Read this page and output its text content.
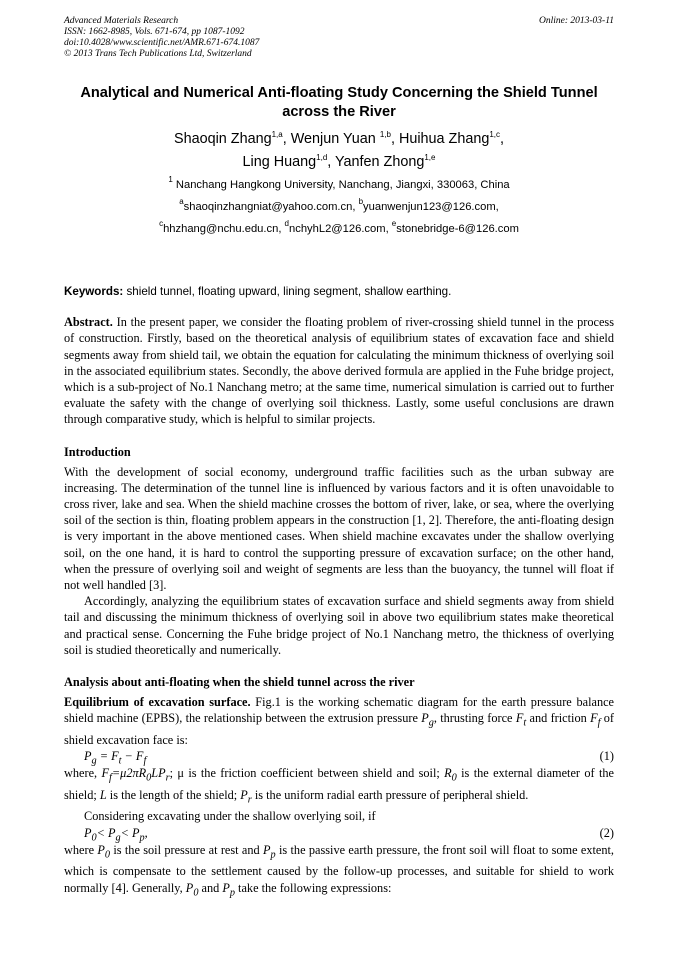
Advanced Materials Research
ISSN: 1662-8985, Vols. 671-674, pp 1087-1092
doi:10.4028/www.scientific.net/AMR.671-674.1087
© 2013 Trans Tech Publications Ltd, Switzerland
Online: 2013-03-11
Analytical and Numerical Anti-floating Study Concerning the Shield Tunnel across the River
Shaoqin Zhang$^{1,a}$, Wenjun Yuan $^{1,b}$, Huihua Zhang$^{1,c}$,
Ling Huang$^{1,d}$, Yanfen Zhong$^{1,e}$
$^1$ Nanchang Hangkong University, Nanchang, Jiangxi, 330063, China
$^a$shaoqinzhangniat@yahoo.com.cn, $^b$yuanwenjun123@126.com,
$^c$hhzhang@nchu.edu.cn, $^d$nchyhL2@126.com, $^e$stonebridge-6@126.com

Keywords: shield tunnel, floating upward, lining segment, shallow earthing.

Abstract. In the present paper, we consider the floating problem of river-crossing shield tunnel in the process of construction. Firstly, based on the theoretical analysis of equilibrium states of excavation face and shield segments away from shield tail, we obtain the equation for calculating the minimum thickness of overlying soil in the associated equilibrium states. Secondly, the above derived formula are applied in the Fuhe bridge project, which is a sub-project of No.1 Nanchang metro; at the same time, numerical simulation is carried out to further evaluate the safety with the change of overlying soil thickness. Lastly, some useful conclusions are drawn through comparative study, which is helpful to similar projects.

Introduction

With the development of social economy, underground traffic facilities such as the urban subway are increasing. The determination of the tunnel line is influenced by various factors and it is often unavoidable to cross river, lake and sea. When the shield machine crosses the bottom of river, lake, or sea, where the overlying soil of the section is thin, floating problem appears in the construction [1, 2]. Therefore, the anti-floating design is very important in the above mentioned cases. When shield machine excavates under the shallow overlying soil, on the one hand, it is hard to control the supporting pressure of excavation surface; on the other hand, when the pressure of overlying soil and weight of segments are less than the buoyancy, the tunnel will float if not well handled [3].

Accordingly, analyzing the equilibrium states of excavation surface and shield segments away from shield tail and discussing the minimum thickness of overlying soil in above two equilibrium states make theoretical and practical sense. Concerning the Fuhe bridge project of No.1 Nanchang metro, the thickness of overlying soil is studied theoretically and numerically.

Analysis about anti-floating when the shield tunnel across the river

Equilibrium of excavation surface. Fig.1 is the working schematic diagram for the earth pressure balance shield machine (EPBS), the relationship between the extrusion pressure $P_g$, thrusting force $F_t$ and friction $F_f$ of shield excavation face is:

$P_g = F_t - F_f$	(1)

where, $F_f=\mu 2\pi R_0LP_r$; μ is the friction coefficient between shield and soil; $R_0$ is the external diameter of the shield; L is the length of the shield; $P_r$ is the uniform radial earth pressure of peripheral shield.

Considering excavating under the shallow overlying soil, if

$P_0< P_g< P_p$,	(2)

where $P_0$ is the soil pressure at rest and $P_p$ is the passive earth pressure, the front soil will float to some extent, which is compensate to the settlement caused by the follow-up processes, and suitable for shield to work normally [4]. Generally, $P_0$ and $P_p$ take the following expressions:
